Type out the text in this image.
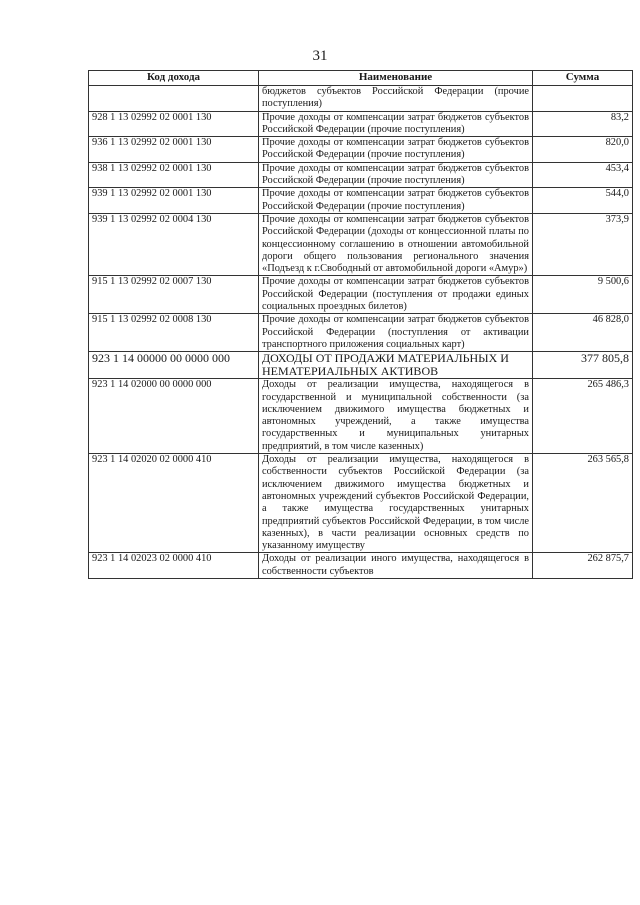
31
Код дохода	Наименование	Сумма
	бюджетов субъектов Российской Федерации (прочие поступления)	
928 1 13 02992 02 0001 130	Прочие доходы от компенсации затрат бюджетов субъектов Российской Федерации (прочие поступления)	83,2
936 1 13 02992 02 0001 130	Прочие доходы от компенсации затрат бюджетов субъектов Российской Федерации (прочие поступления)	820,0
938 1 13 02992 02 0001 130	Прочие доходы от компенсации затрат бюджетов субъектов Российской Федерации (прочие поступления)	453,4
939 1 13 02992 02 0001 130	Прочие доходы от компенсации затрат бюджетов субъектов Российской Федерации (прочие поступления)	544,0
939 1 13 02992 02 0004 130	Прочие доходы от компенсации затрат бюджетов субъектов Российской Федерации (доходы от концессионной платы по концессионному соглашению в отношении автомобильной дороги общего пользования регионального значения «Подъезд к г.Свободный от автомобильной дороги «Амур»)	373,9
915 1 13 02992 02 0007 130	Прочие доходы от компенсации затрат бюджетов субъектов Российской Федерации (поступления от продажи единых социальных проездных билетов)	9 500,6
915 1 13 02992 02 0008 130	Прочие доходы от компенсации затрат бюджетов субъектов Российской Федерации (поступления от активации транспортного приложения социальных карт)	46 828,0
923 1 14 00000 00 0000 000	ДОХОДЫ ОТ ПРОДАЖИ МАТЕРИАЛЬНЫХ И НЕМАТЕРИАЛЬНЫХ АКТИВОВ	377 805,8
923 1 14 02000 00 0000 000	Доходы от реализации имущества, находящегося в государственной и муниципальной собственности (за исключением движимого имущества бюджетных и автономных учреждений, а также имущества государственных и муниципальных унитарных предприятий, в том числе казенных)	265 486,3
923 1 14 02020 02 0000 410	Доходы от реализации имущества, находящегося в собственности субъектов Российской Федерации (за исключением движимого имущества бюджетных и автономных учреждений субъектов Российской Федерации, а также имущества государственных унитарных предприятий субъектов Российской Федерации, в том числе казенных), в части реализации основных средств по указанному имуществу	263 565,8
923 1 14 02023 02 0000 410	Доходы от реализации иного имущества, находящегося в собственности субъектов	262 875,7
